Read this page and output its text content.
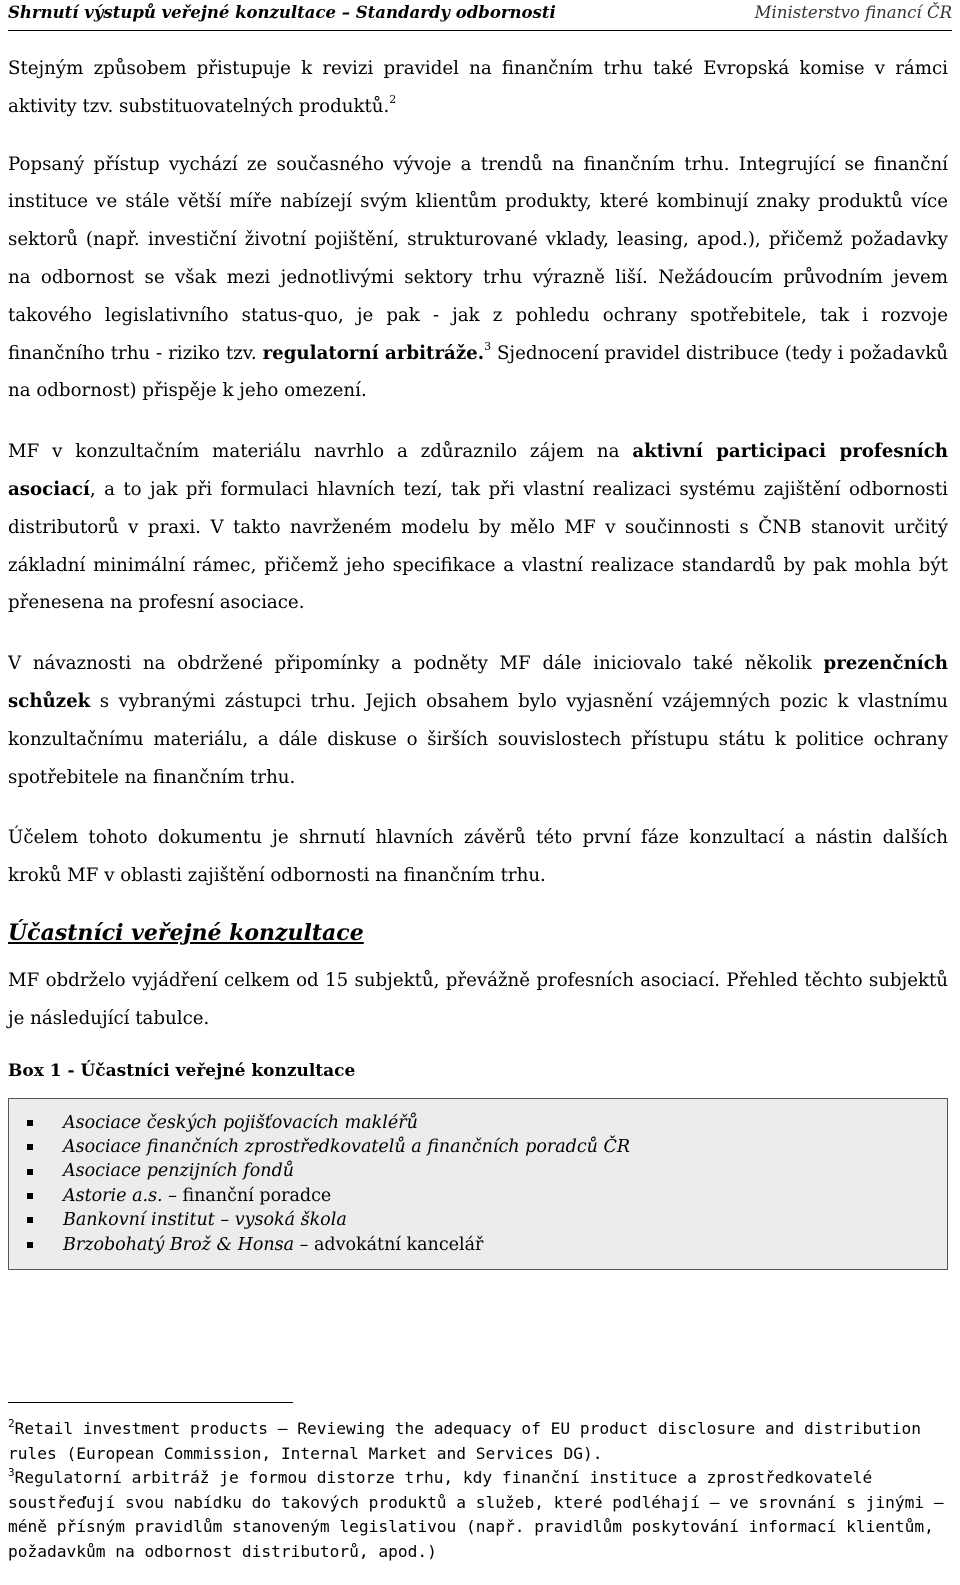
Shrnutí výstupů veřejné konzultace – Standardy odbornosti	Ministerstvo financí ČR

Stejným způsobem přistupuje k revizi pravidel na finančním trhu také Evropská komise v rámci aktivity tzv. substituovatelných produktů.$^2$

Popsaný přístup vychází ze současného vývoje a trendů na finančním trhu. Integrující se finanční instituce ve stále větší míře nabízejí svým klientům produkty, které kombinují znaky produktů více sektorů (např. investiční životní pojištění, strukturované vklady, leasing, apod.), přičemž požadavky na odbornost se však mezi jednotlivými sektory trhu výrazně liší. Nežádoucím průvodním jevem takového legislativního status-quo, je pak - jak z pohledu ochrany spotřebitele, tak i rozvoje finančního trhu - riziko tzv. regulatorní arbitráže.$^3$ Sjednocení pravidel distribuce (tedy i požadavků na odbornost) přispěje k jeho omezení.

MF v konzultačním materiálu navrhlo a zdůraznilo zájem na aktivní participaci profesních asociací, a to jak při formulaci hlavních tezí, tak při vlastní realizaci systému zajištění odbornosti distributorů v praxi. V takto navrženém modelu by mělo MF v součinnosti s ČNB stanovit určitý základní minimální rámec, přičemž jeho specifikace a vlastní realizace standardů by pak mohla být přenesena na profesní asociace.

V návaznosti na obdržené připomínky a podněty MF dále iniciovalo také několik prezenčních schůzek s vybranými zástupci trhu. Jejich obsahem bylo vyjasnění vzájemných pozic k vlastnímu konzultačnímu materiálu, a dále diskuse o širších souvislostech přístupu státu k politice ochrany spotřebitele na finančním trhu.

Účelem tohoto dokumentu je shrnutí hlavních závěrů této první fáze konzultací a nástin dalších kroků MF v oblasti zajištění odbornosti na finančním trhu.

Účastníci veřejné konzultace

MF obdrželo vyjádření celkem od 15 subjektů, převážně profesních asociací. Přehled těchto subjektů je následující tabulce.

Box 1 - Účastníci veřejné konzultace
Asociace českých pojišťovacích makléřů
Asociace finančních zprostředkovatelů a finančních poradců ČR
Asociace penzijních fondů
Astorie a.s. – finanční poradce
Bankovní institut – vysoká škola
Brzobohatý Brož & Honsa – advokátní kancelář
$^2$Retail investment products – Reviewing the adequacy of EU product disclosure and distribution rules (European Commission, Internal Market and Services DG).
$^3$Regulatorní arbitráž je formou distorze trhu, kdy finanční instituce a zprostředkovatelé soustřeďují svou nabídku do takových produktů a služeb, které podléhají – ve srovnání s jinými – méně přísným pravidlům stanoveným legislativou (např. pravidlům poskytování informací klientům, požadavkům na odbornost distributorů, apod.)
